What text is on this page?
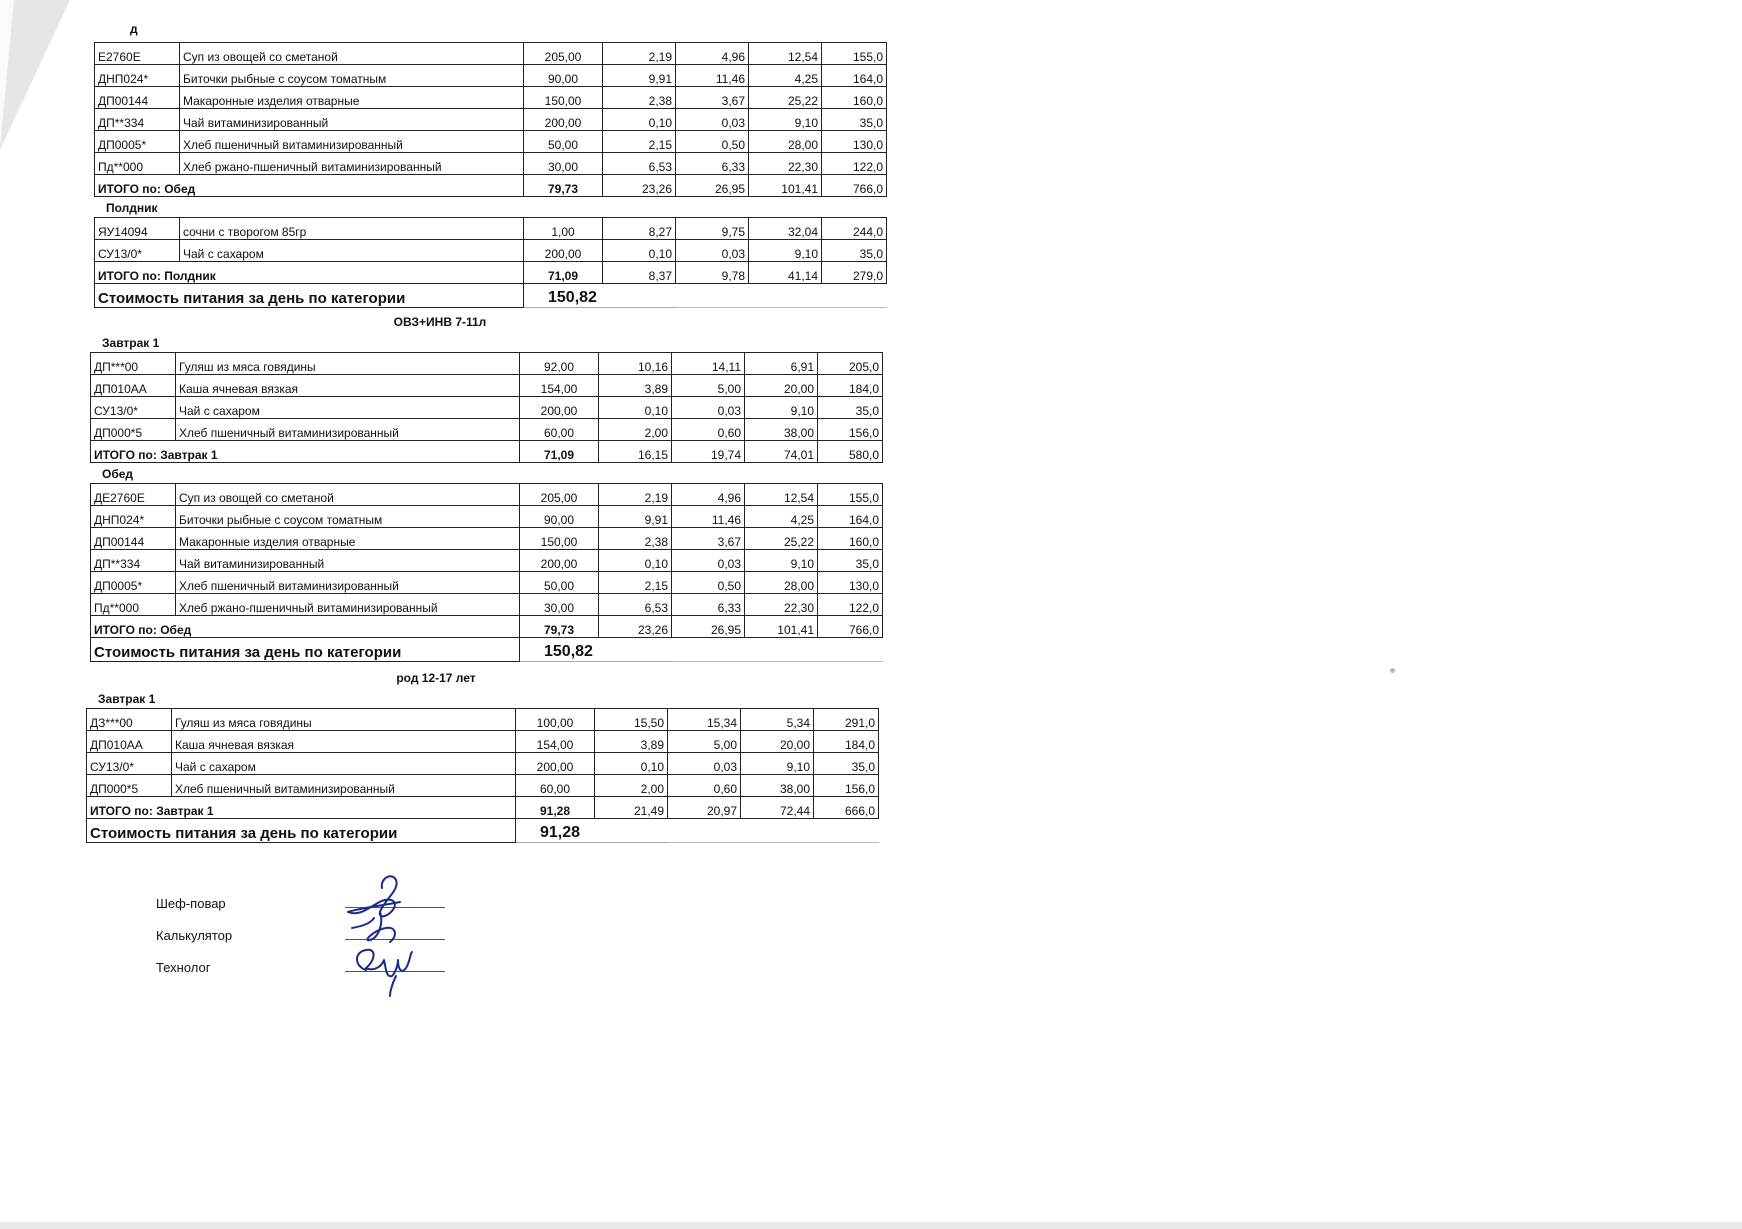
д
Е2760Е	Суп из овощей со сметаной	205,00	2,19	4,96	12,54	155,0
ДНП024*	Биточки рыбные с соусом томатным	90,00	9,91	11,46	4,25	164,0
ДП00144	Макаронные изделия отварные	150,00	2,38	3,67	25,22	160,0
ДП**334	Чай витаминизированный	200,00	0,10	0,03	9,10	35,0
ДП0005*	Хлеб пшеничный витаминизированный	50,00	2,15	0,50	28,00	130,0
Пд**000	Хлеб ржано-пшеничный витаминизированный	30,00	6,53	6,33	22,30	122,0
ИТОГО по: Обед		79,73	23,26	26,95	101,41	766,0
Полдник
ЯУ14094	сочни с творогом 85гр	1,00	8,27	9,75	32,04	244,0
СУ13/0*	Чай с сахаром	200,00	0,10	0,03	9,10	35,0
ИТОГО по: Полдник		71,09	8,37	9,78	41,14	279,0
Стоимость питания за день по категории		150,82				
ОВЗ+ИНВ 7-11л
Завтрак 1
ДП***00	Гуляш из мяса говядины	92,00	10,16	14,11	6,91	205,0
ДП010АА	Каша ячневая вязкая	154,00	3,89	5,00	20,00	184,0
СУ13/0*	Чай с сахаром	200,00	0,10	0,03	9,10	35,0
ДП000*5	Хлеб пшеничный витаминизированный	60,00	2,00	0,60	38,00	156,0
ИТОГО по: Завтрак 1		71,09	16,15	19,74	74,01	580,0
Обед
ДЕ2760Е	Суп из овощей со сметаной	205,00	2,19	4,96	12,54	155,0
ДНП024*	Биточки рыбные с соусом томатным	90,00	9,91	11,46	4,25	164,0
ДП00144	Макаронные изделия отварные	150,00	2,38	3,67	25,22	160,0
ДП**334	Чай витаминизированный	200,00	0,10	0,03	9,10	35,0
ДП0005*	Хлеб пшеничный витаминизированный	50,00	2,15	0,50	28,00	130,0
Пд**000	Хлеб ржано-пшеничный витаминизированный	30,00	6,53	6,33	22,30	122,0
ИТОГО по: Обед		79,73	23,26	26,95	101,41	766,0
Стоимость питания за день по категории		150,82				
род 12-17 лет
Завтрак 1
ДЗ***00	Гуляш из мяса говядины	100,00	15,50	15,34	5,34	291,0
ДП010АА	Каша ячневая вязкая	154,00	3,89	5,00	20,00	184,0
СУ13/0*	Чай с сахаром	200,00	0,10	0,03	9,10	35,0
ДП000*5	Хлеб пшеничный витаминизированный	60,00	2,00	0,60	38,00	156,0
ИТОГО по: Завтрак 1		91,28	21,49	20,97	72,44	666,0
Стоимость питания за день по категории		91,28				
Шеф-повар
Калькулятор
Технолог
